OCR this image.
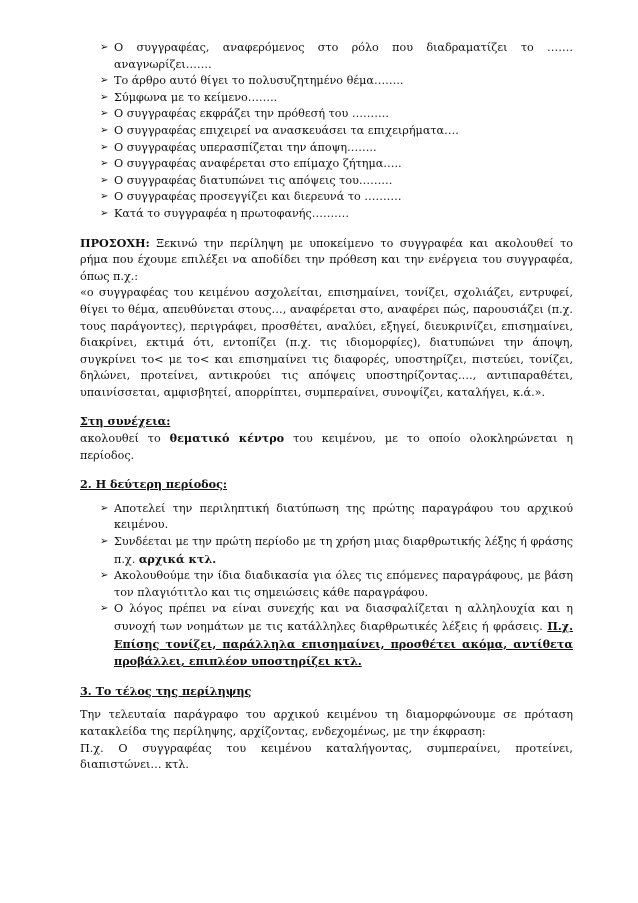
➢ Ο συγγραφέας, αναφερόμενος στο ρόλο που διαδραματίζει το ……. αναγνωρίζει…….
➢ Το άρθρο αυτό θίγει το πολυσυζητημένο θέμα……..
➢ Σύμφωνα με το κείμενο……..
➢ Ο συγγραφέας εκφράζει την πρόθεσή του ……….
➢ Ο συγγραφέας επιχειρεί να ανασκευάσει τα επιχειρήματα….
➢ Ο συγγραφέας υπερασπίζεται την άποψη……..
➢ Ο συγγραφέας αναφέρεται στο επίμαχο ζήτημα…..
➢ Ο συγγραφέας διατυπώνει τις απόψεις του………
➢ Ο συγγραφέας προσεγγίζει και διερευνά το ……….
➢ Κατά το συγγραφέα η πρωτοφανής……….

ΠΡΟΣΟΧΗ: Ξεκινώ την περίληψη με υποκείμενο το συγγραφέα και ακολουθεί το ρήμα που έχουμε επιλέξει να αποδίδει την πρόθεση και την ενέργεια του συγγραφέα, όπως π.χ.:

«ο συγγραφέας του κειμένου ασχολείται, επισημαίνει, τονίζει, σχολιάζει, εντρυφεί, θίγει το θέμα, απευθύνεται στους…, αναφέρεται στο, αναφέρει πώς, παρουσιάζει (π.χ. τους παράγοντες), περιγράφει, προσθέτει, αναλύει, εξηγεί, διευκρινίζει, επισημαίνει, διακρίνει, εκτιμά ότι, εντοπίζει (π.χ. τις ιδιομορφίες), διατυπώνει την άποψη, συγκρίνει το< με το< και επισημαίνει τις διαφορές, υποστηρίζει, πιστεύει, τονίζει, δηλώνει, προτείνει, αντικρούει τις απόψεις υποστηρίζοντας…., αντιπαραθέτει, υπαινίσσεται, αμφισβητεί, απορρίπτει, συμπεραίνει, συνοψίζει, καταλήγει, κ.ά.».

Στη συνέχεια:

ακολουθεί το θεματικό κέντρο του κειμένου, με το οποίο ολοκληρώνεται η περίοδος.

2. Η δεύτερη περίοδος:

➢ Αποτελεί την περιληπτική διατύπωση της πρώτης παραγράφου του αρχικού κειμένου.
➢ Συνδέεται με την πρώτη περίοδο με τη χρήση μιας διαρθρωτικής λέξης ή φράσης π.χ. αρχικά κτλ.
➢ Ακολουθούμε την ίδια διαδικασία για όλες τις επόμενες παραγράφους, με βάση τον πλαγιότιτλο και τις σημειώσεις κάθε παραγράφου.
➢ Ο λόγος πρέπει να είναι συνεχής και να διασφαλίζεται η αλληλουχία και η συνοχή των νοημάτων με τις κατάλληλες διαρθρωτικές λέξεις ή φράσεις. Π.χ. Επίσης τονίζει, παράλληλα επισημαίνει, προσθέτει ακόμα, αντίθετα προβάλλει, επιπλέον υποστηρίζει κτλ.

3. Το τέλος της περίληψης

Την τελευταία παράγραφο του αρχικού κειμένου τη διαμορφώνουμε σε πρόταση κατακλείδα της περίληψης, αρχίζοντας, ενδεχομένως, με την έκφραση:

Π.χ. Ο συγγραφέας του κειμένου καταλήγοντας, συμπεραίνει, προτείνει, διαπιστώνει… κτλ.
